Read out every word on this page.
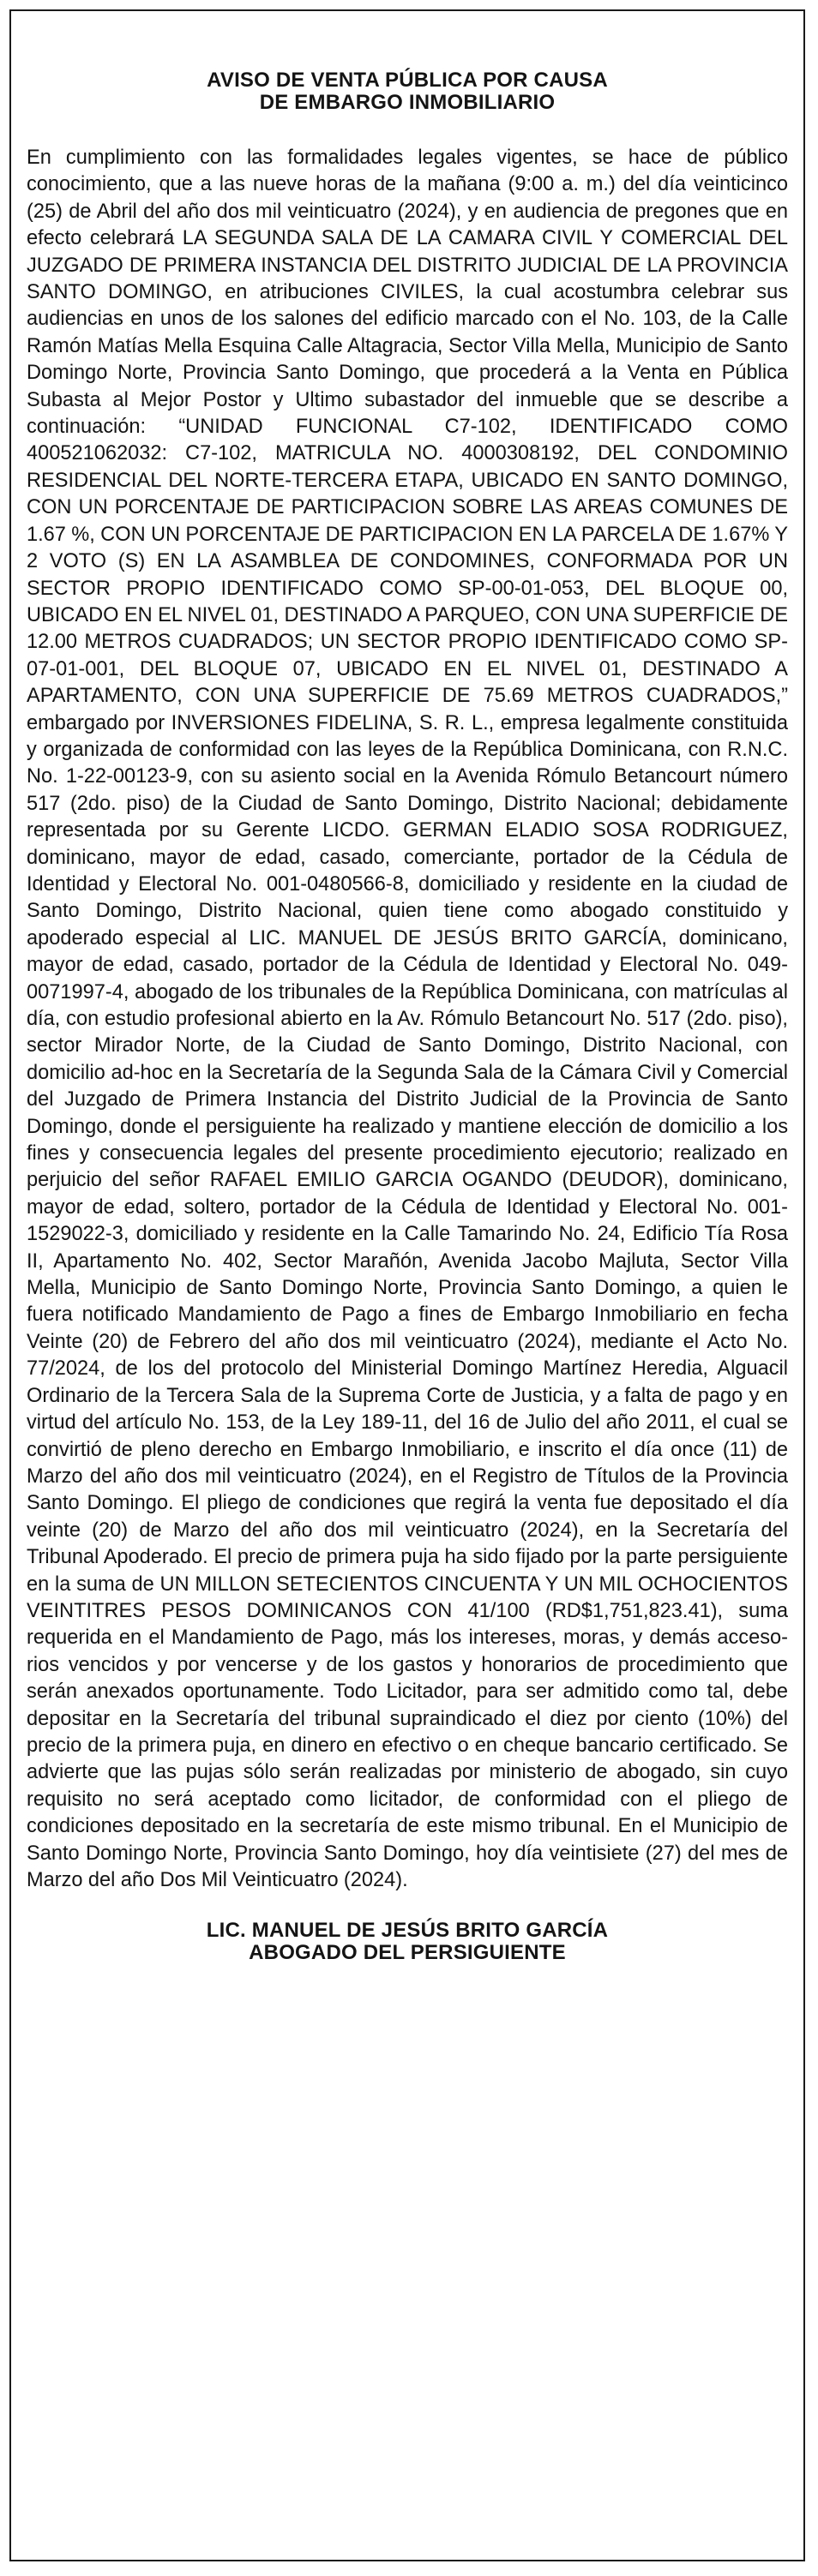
AVISO DE VENTA PÚBLICA POR CAUSA
DE EMBARGO INMOBILIARIO

En cumplimiento con las formalidades legales vigentes, se hace de público conocimiento, que a las nueve horas de la mañana (9:00 a. m.) del día veinticinco (25) de Abril del año dos mil veinticuatro (2024), y en audiencia de pregones que en efecto celebrará LA SEGUNDA SALA DE LA CAMARA CIVIL Y COMERCIAL DEL JUZGADO DE PRIMERA INSTANCIA DEL DISTRITO JUDICIAL DE LA PROVINCIA SANTO DOMINGO, en atribuciones CIVILES, la cual acostumbra celebrar sus audiencias en unos de los salones del edificio marcado con el No. 103, de la Calle Ramón Matías Mella Esquina Calle Altagracia, Sector Villa Mella, Municipio de Santo Domingo Norte, Provincia Santo Domingo, que procederá a la Venta en Pública Subasta al Mejor Postor y Ultimo subastador del inmueble que se describe a continuación: “UNIDAD FUNCIONAL C7-102, IDENTIFICADO COMO 400521062032: C7-102, MATRICULA NO. 4000308192, DEL CONDOMINIO RESIDENCIAL DEL NORTE-TERCERA ETAPA, UBICADO EN SANTO DOMINGO, CON UN PORCENTAJE DE PARTICIPACION SOBRE LAS AREAS COMUNES DE 1.67 %, CON UN PORCENTAJE DE PARTICIPACION EN LA PARCELA DE 1.67% Y 2 VOTO (S) EN LA ASAMBLEA DE CONDOMINES, CONFORMADA POR UN SECTOR PROPIO IDENTIFICADO COMO SP-00-01-053, DEL BLOQUE 00, UBICADO EN EL NIVEL 01, DESTINADO A PARQUEO, CON UNA SUPERFICIE DE 12.00 METROS CUADRADOS; UN SECTOR PROPIO IDENTIFICADO COMO SP-07-01-001, DEL BLOQUE 07, UBICADO EN EL NIVEL 01, DESTINADO A APARTAMENTO, CON UNA SUPERFICIE DE 75.69 METROS CUADRADOS,” embargado por INVERSIONES FIDELINA, S. R. L., empresa legalmente constituida y organizada de conformidad con las leyes de la República Dominicana, con R.N.C. No. 1-22-00123-9, con su asiento social en la Avenida Rómulo Betancourt número 517 (2do. piso) de la Ciudad de Santo Domingo, Distrito Nacional; debidamente representada por su Gerente LICDO. GERMAN ELADIO SOSA RODRIGUEZ, dominicano, mayor de edad, casado, comerciante, portador de la Cédula de Identidad y Electoral No. 001-0480566-8, domiciliado y residente en la ciudad de Santo Domingo, Distrito Nacional, quien tiene como abogado constituido y apoderado especial al LIC. MANUEL DE JESÚS BRITO GARCÍA, dominicano, mayor de edad, casado, portador de la Cédula de Identidad y Electoral No. 049-0071997-4, abogado de los tribunales de la República Dominicana, con matrículas al día, con estudio profesional abierto en la Av. Rómulo Betancourt No. 517 (2do. piso), sector Mirador Norte, de la Ciudad de Santo Domingo, Distrito Nacional, con domicilio ad-hoc en la Secretaría de la Segunda Sala de la Cámara Civil y Comercial del Juzgado de Primera Instancia del Distrito Judicial de la Provincia de Santo Domingo, donde el persiguiente ha realizado y mantiene elección de domicilio a los fines y consecuencia legales del presente procedimiento ejecutorio; realizado en perjuicio del señor RAFAEL EMILIO GARCIA OGANDO (DEUDOR), dominicano, mayor de edad, soltero, portador de la Cédula de Identidad y Electoral No. 001-1529022-3, domiciliado y residente en la Calle Tamarindo No. 24, Edificio Tía Rosa II, Apartamento No. 402, Sector Marañón, Avenida Jacobo Majluta, Sector Villa Mella, Municipio de Santo Domingo Norte, Provincia Santo Domingo, a quien le fuera notificado Mandamiento de Pago a fines de Embargo Inmobiliario en fecha Veinte (20) de Febrero del año dos mil veinticuatro (2024), mediante el Acto No. 77/2024, de los del protocolo del Ministerial Domingo Martínez Heredia, Alguacil Ordinario de la Tercera Sala de la Suprema Corte de Justicia, y a falta de pago y en virtud del artículo No. 153, de la Ley 189-11, del 16 de Julio del año 2011, el cual se convirtió de pleno derecho en Embargo Inmobiliario, e inscrito el día once (11) de Marzo del año dos mil veinticuatro (2024), en el Registro de Títulos de la Provincia Santo Domingo. El pliego de condiciones que regirá la venta fue depositado el día veinte (20) de Marzo del año dos mil veinticuatro (2024), en la Secretaría del Tribunal Apoderado. El precio de primera puja ha sido fijado por la parte persiguiente en la suma de UN MILLON SETECIENTOS CINCUENTA Y UN MIL OCHOCIENTOS VEINTITRES PESOS DOMINICANOS CON 41/100 (RD$1,751,823.41), suma requerida en el Mandamiento de Pago, más los intereses, moras, y demás accesorios vencidos y por vencerse y de los gastos y honorarios de procedimiento que serán anexados oportunamente. Todo Licitador, para ser admitido como tal, debe depositar en la Secretaría del tribunal supraindicado el diez por ciento (10%) del precio de la primera puja, en dinero en efectivo o en cheque bancario certificado. Se advierte que las pujas sólo serán realizadas por ministerio de abogado, sin cuyo requisito no será aceptado como licitador, de conformidad con el pliego de condiciones depositado en la secretaría de este mismo tribunal. En el Municipio de Santo Domingo Norte, Provincia Santo Domingo, hoy día veintisiete (27) del mes de Marzo del año Dos Mil Veinticuatro (2024).

LIC. MANUEL DE JESÚS BRITO GARCÍA
ABOGADO DEL PERSIGUIENTE
